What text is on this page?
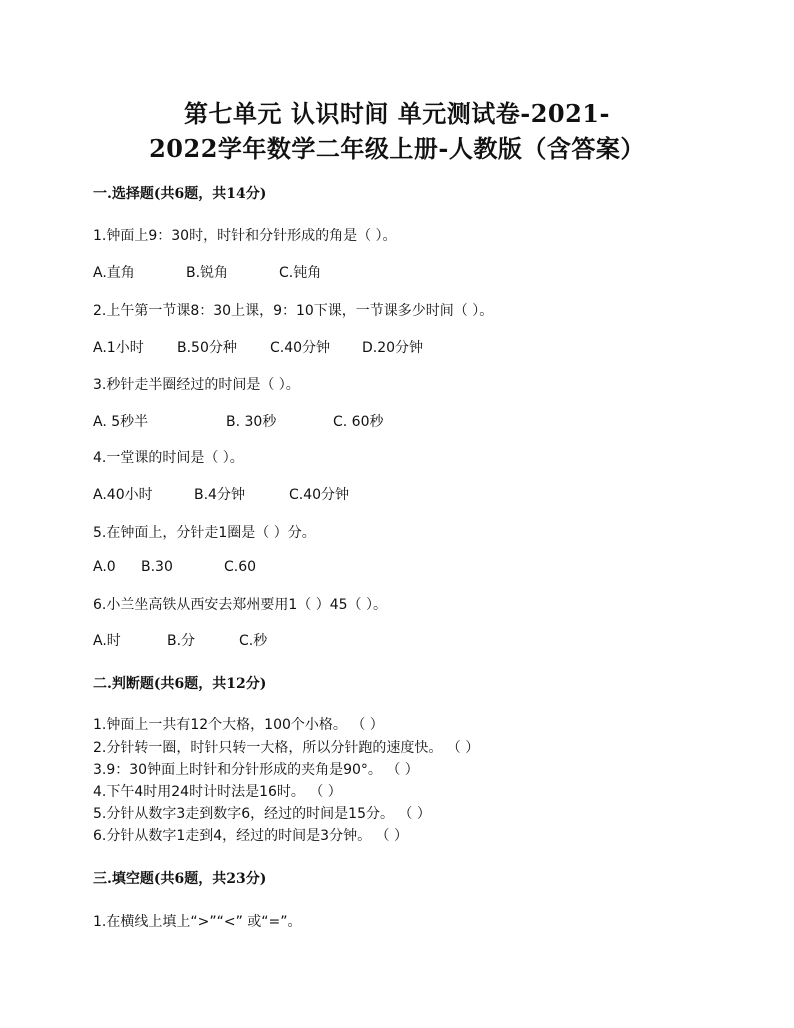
第七单元 认识时间 单元测试卷-2021-
2022学年数学二年级上册-人教版（含答案）
一.选择题(共6题，共14分)
1.钟面上9：30时，时针和分针形成的角是（ ）。
A.直角	B.锐角	C.钝角
2.上午第一节课8：30上课，9：10下课，一节课多少时间（ ）。
A.1小时 B.50分种 C.40分钟 D.20分钟
3.秒针走半圈经过的时间是（ ）。
A. 5秒半	B. 30秒	C. 60秒
4.一堂课的时间是（ ）。
A.40小时	B.4分钟	C.40分钟
5.在钟面上，分针走1圈是（ ）分。
A.0 B.30	C.60
6.小兰坐高铁从西安去郑州要用1（ ）45（ ）。
A.时	B.分	C.秒
二.判断题(共6题，共12分)
1.钟面上一共有12个大格，100个小格。 （ ）
2.分针转一圈，时针只转一大格，所以分针跑的速度快。 （ ）
3.9：30钟面上时针和分针形成的夹角是90°。 （ ）
4.下午4时用24时计时法是16时。 （ ）
5.分针从数字3走到数字6，经过的时间是15分。 （ ）
6.分针从数字1走到4，经过的时间是3分钟。 （ ）
三.填空题(共6题，共23分)
1.在横线上填上“>”“<” 或“=”。
